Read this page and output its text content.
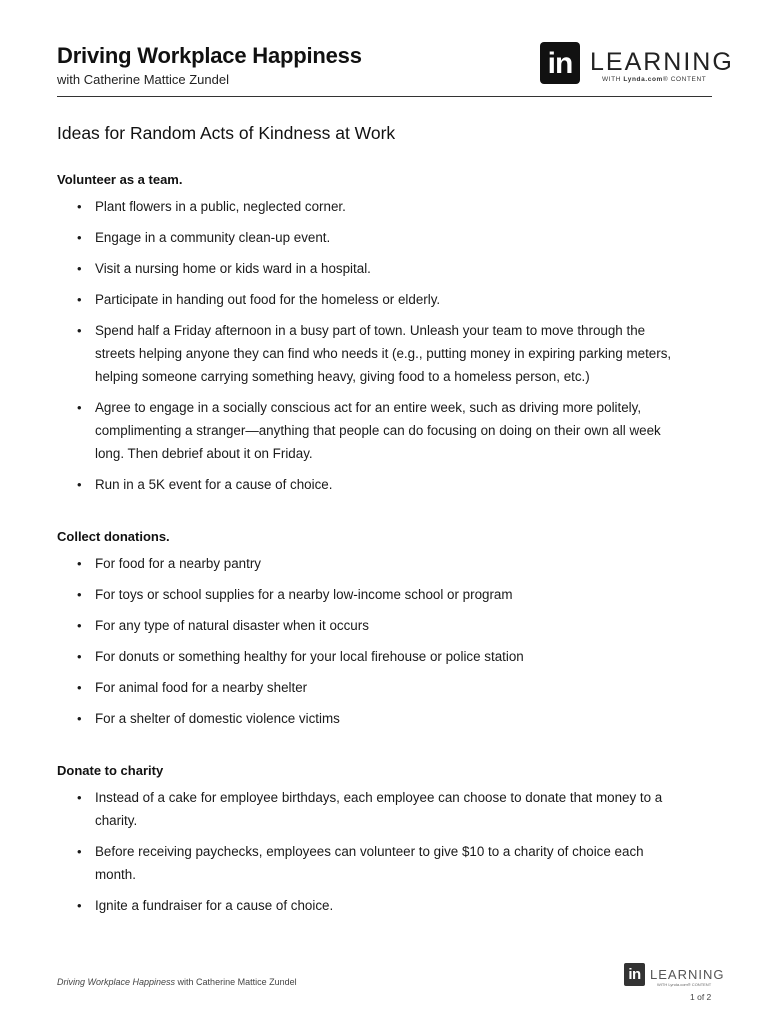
Driving Workplace Happiness
with Catherine Mattice Zundel	in LEARNING
WITH Lynda.com® CONTENT
Ideas for Random Acts of Kindness at Work
Volunteer as a team.
• Plant flowers in a public, neglected corner.
• Engage in a community clean-up event.
• Visit a nursing home or kids ward in a hospital.
• Participate in handing out food for the homeless or elderly.
• Spend half a Friday afternoon in a busy part of town. Unleash your team to move through the streets helping anyone they can find who needs it (e.g., putting money in expiring parking meters, helping someone carrying something heavy, giving food to a homeless person, etc.)
• Agree to engage in a socially conscious act for an entire week, such as driving more politely, complimenting a stranger—anything that people can do focusing on doing on their own all week long. Then debrief about it on Friday.
• Run in a 5K event for a cause of choice.
Collect donations.
• For food for a nearby pantry
• For toys or school supplies for a nearby low-income school or program
• For any type of natural disaster when it occurs
• For donuts or something healthy for your local firehouse or police station
• For animal food for a nearby shelter
• For a shelter of domestic violence victims
Donate to charity
• Instead of a cake for employee birthdays, each employee can choose to donate that money to a charity.
• Before receiving paychecks, employees can volunteer to give $10 to a charity of choice each month.
• Ignite a fundraiser for a cause of choice.
Driving Workplace Happiness with Catherine Mattice Zundel	in LEARNING
WITH Lynda.com® CONTENT
1 of 2
